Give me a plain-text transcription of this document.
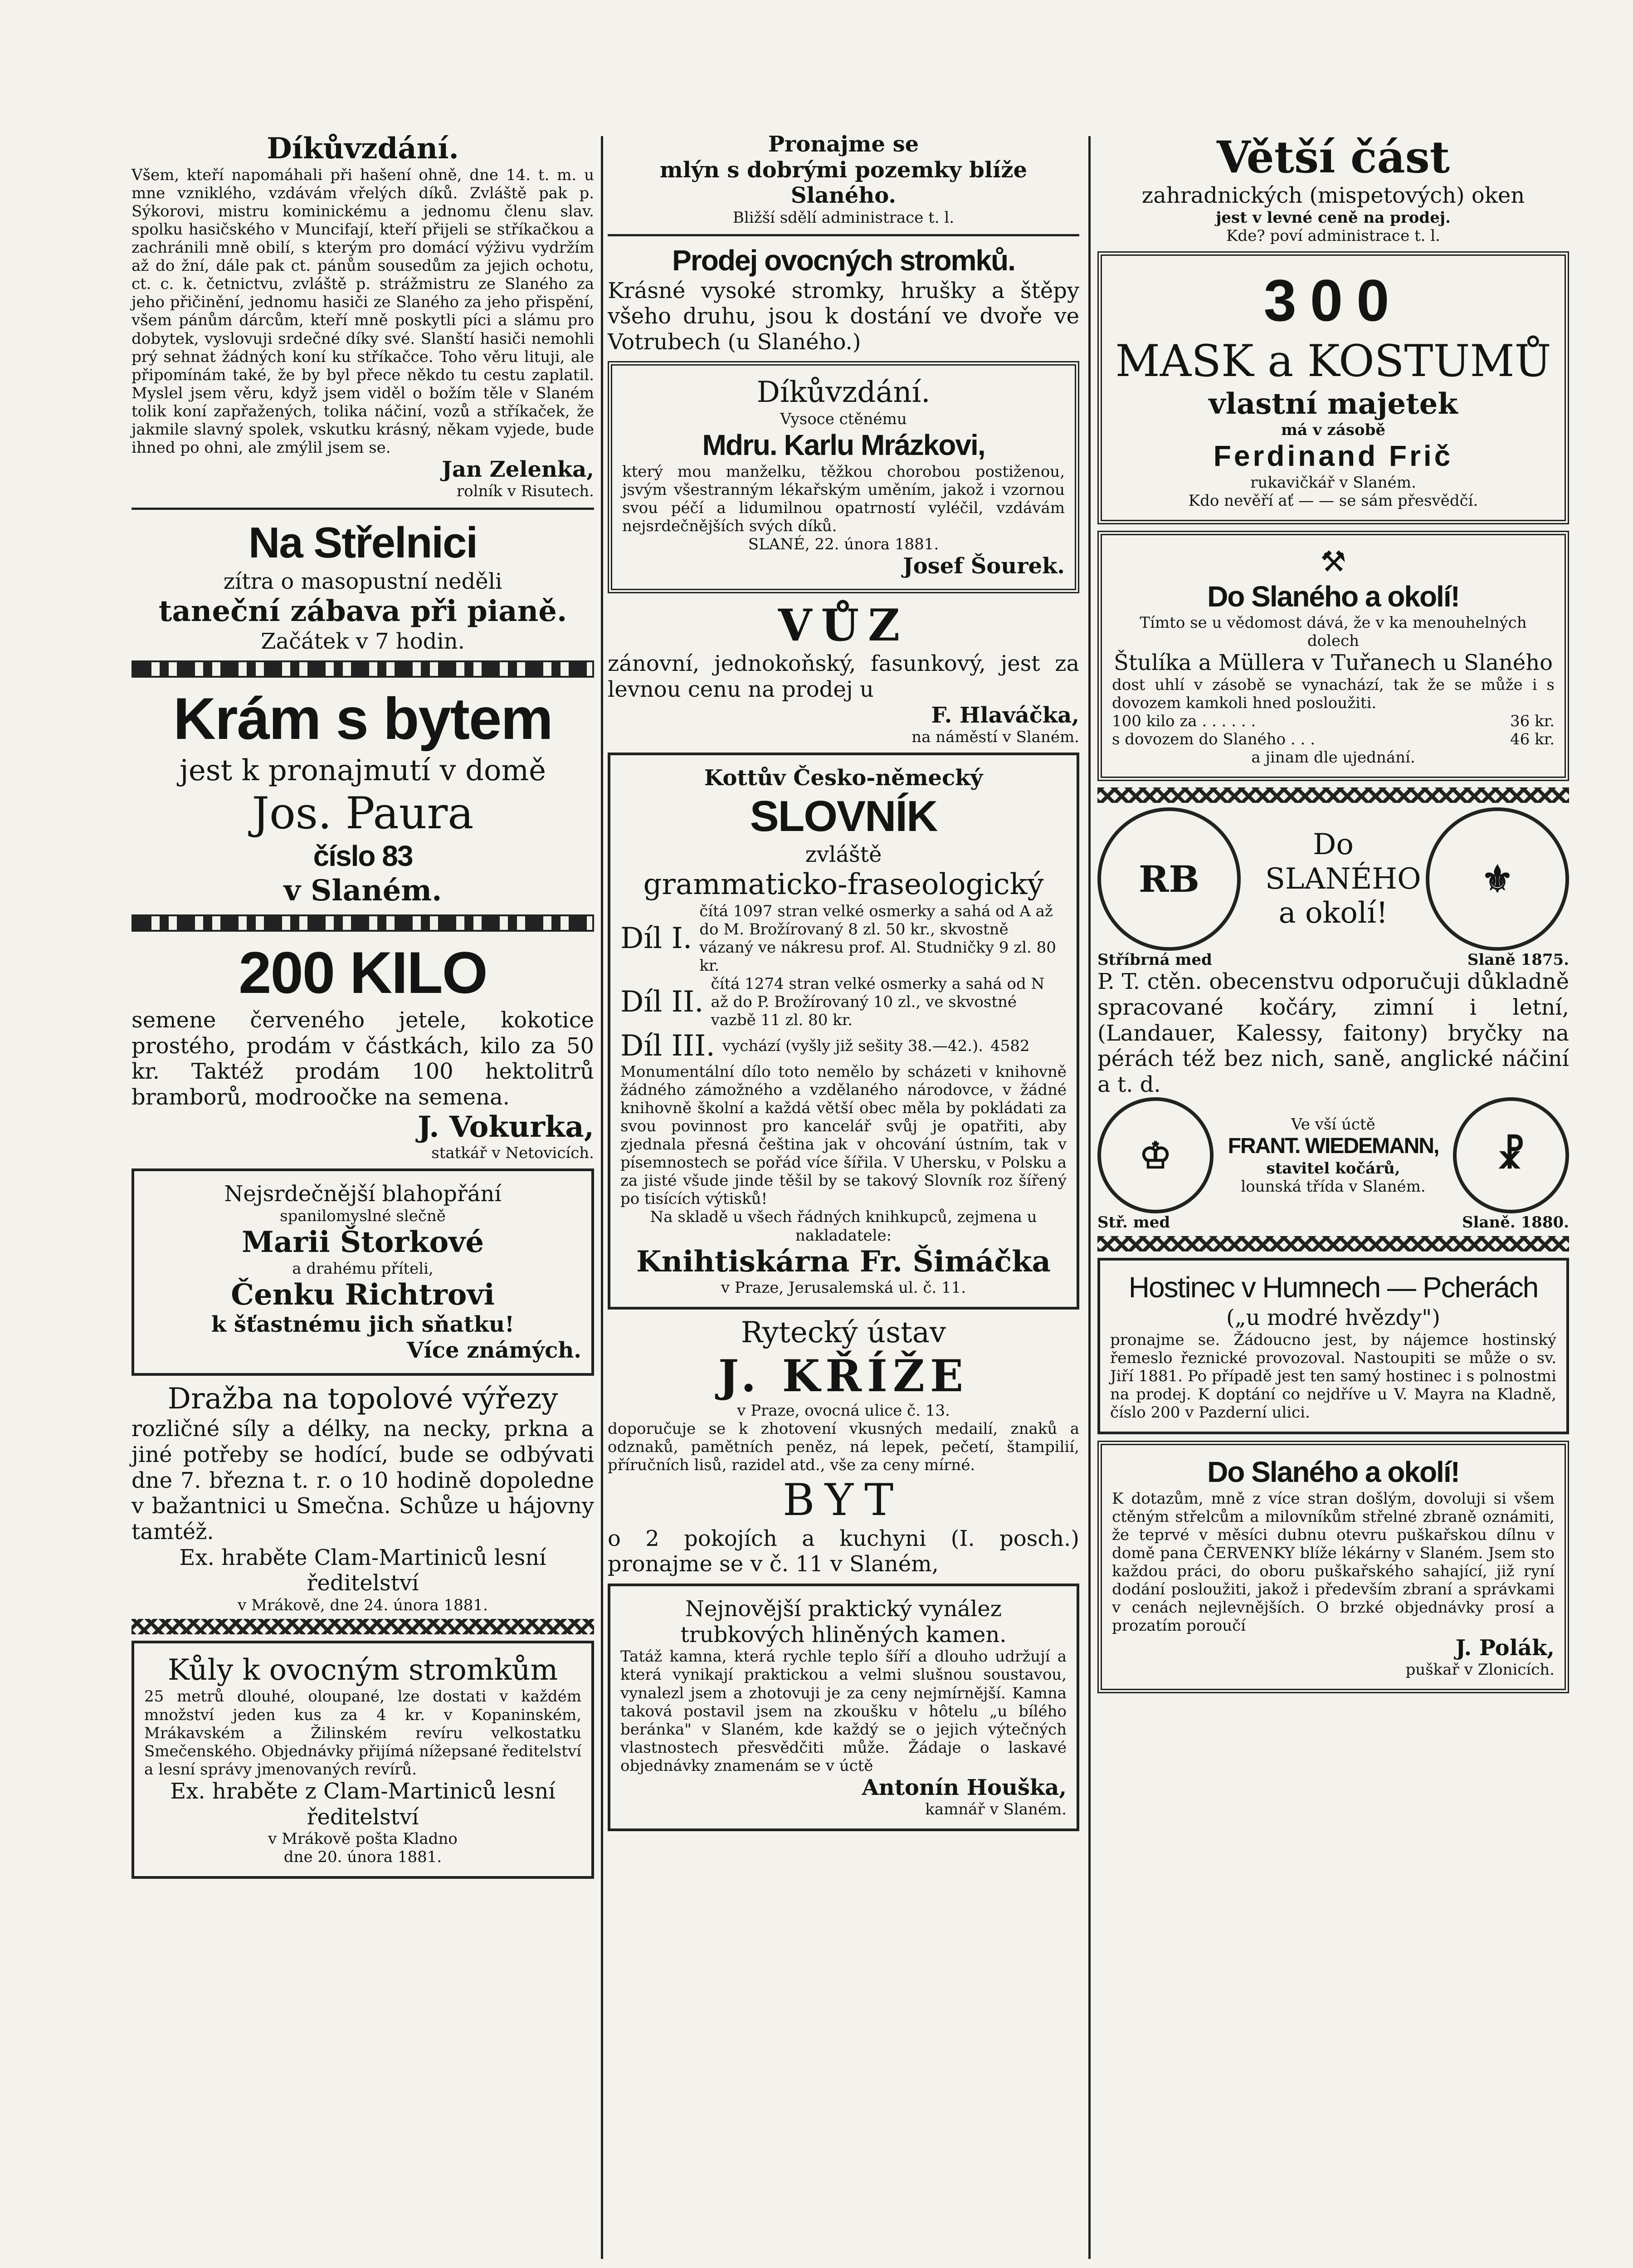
Díkůvzdání.

Všem, kteří napomáhali při hašení ohně, dne 14. t. m. u mne vzniklého, vzdávám vřelých díků. Zvláště pak p. Sýkorovi, mistru kominickému a jednomu členu slav. spolku hasičského v Muncifají, kteří přijeli se stříkačkou a zachránili mně obilí, s kterým pro domácí výživu vydržím až do žní, dále pak ct. pánům sousedům za jejich ochotu, ct. c. k. četnictvu, zvláště p. strážmistru ze Slaného za jeho přičinění, jednomu hasiči ze Slaného za jeho přispění, všem pánům dárcům, kteří mně poskytli píci a slámu pro dobytek, vyslovuji srdečné díky své. Slanští hasiči nemohli prý sehnat žádných koní ku stříkačce. Toho věru lituji, ale připomínám také, že by byl přece někdo tu cestu zaplatil. Myslel jsem věru, když jsem viděl o božím těle v Slaném tolik koní zapřažených, tolika náčiní, vozů a stříkaček, že jakmile slavný spolek, vskutku krásný, někam vyjede, bude ihned po ohni, ale zmýlil jsem se.

Jan Zelenka,

rolník v Risutech.

Na Střelnici

zítra o masopustní neděli

taneční zábava při pianě.

Začátek v 7 hodin.

Krám s bytem

jest k pronajmutí v domě

Jos. Paura

číslo 83

v Slaném.

200 KILO

semene červeného jetele, kokotice prostého, prodám v částkách, kilo za 50 kr. Taktéž prodám 100 hektolitrů bramborů, modroočke na semena.

J. Vokurka,

statkář v Netovicích.

Nejsrdečnější blahopřání

spanilomyslné slečně

Marii Štorkové

a drahému příteli,

Čenku Richtrovi

k šťastnému jich sňatku!

Více známých.

Dražba na topolové výřezy

rozličné síly a délky, na necky, prkna a jiné potřeby se hodící, bude se odbývati dne 7. března t. r. o 10 hodině dopoledne v bažantnici u Smečna. Schůze u hájovny tamtéž.

Ex. hraběte Clam-Martiniců lesní ředitelství

v Mrákově, dne 24. února 1881.

Kůly k ovocným stromkům

25 metrů dlouhé, oloupané, lze dostati v každém množství jeden kus za 4 kr. v Kopaninském, Mrákavském a Žilinském revíru velkostatku Smečenského. Objednávky přijímá nížepsané ředitelství a lesní správy jmenovaných revírů.

Ex. hraběte z Clam-Martiniců lesní ředitelství

v Mrákově pošta Kladno

dne 20. února 1881.

Pronajme se

mlýn s dobrými pozemky blíže Slaného.

Bližší sdělí administrace t. l.

Prodej ovocných stromků.

Krásné vysoké stromky, hrušky a štěpy všeho druhu, jsou k dostání ve dvoře ve Votrubech (u Slaného.)

Díkůvzdání.

Vysoce ctěnému

Mdru. Karlu Mrázkovi,

který mou manželku, těžkou chorobou postiženou, jsvým všestranným lékařským uměním, jakož i vzornou svou péčí a lidumilnou opatrností vyléčil, vzdávám nejsrdečnějších svých díků.

SLANÉ, 22. února 1881.

Josef Šourek.

VŮZ

zánovní, jednokoňský, fasunkový, jest za levnou cenu na prodej u

F. Hlaváčka,

na náměstí v Slaném.

Kottův Česko-německý

SLOVNÍK

zvláště

grammaticko-fraseologický

Díl I.
čítá 1097 stran velké osmerky a sahá od A až do M. Brožírovaný 8 zl. 50 kr., skvostně vázaný ve nákresu prof. Al. Studničky 9 zl. 80 kr.
Díl II.
čítá 1274 stran velké osmerky a sahá od N až do P. Brožírovaný 10 zl., ve skvostné vazbě 11 zl. 80 kr.
Díl III. vychází (vyšly již sešity 38.—42.). 4582

Monumentální dílo toto nemělo by scházeti v knihovně žádného zámožného a vzdělaného národovce, v žádné knihovně školní a každá větší obec měla by pokládati za svou povinnost pro kancelář svůj je opatřiti, aby zjednala přesná čeština jak v ohcování ústním, tak v písemnostech se pořád více šířila. V Uhersku, v Polsku a za jisté všude jinde těšil by se takový Slovník roz šířený po tisících výtisků!

Na skladě u všech řádných knihkupců, zejmena u nakladatele:

Knihtiskárna Fr. Šimáčka

v Praze, Jerusalemská ul. č. 11.

Rytecký ústav

J. KŘÍŽE

v Praze, ovocná ulice č. 13.

doporučuje se k zhotovení vkusných medailí, znaků a odznaků, pamětních peněz, ná lepek, pečetí, štampilií, příručních lisů, razidel atd., vše za ceny mírné.

BYT

o 2 pokojích a kuchyni (I. posch.) pronajme se v č. 11 v Slaném,

Nejnovější praktický vynález trubkových hliněných kamen.

Tatáž kamna, která rychle teplo šíří a dlouho udržují a která vynikají praktickou a velmi slušnou soustavou, vynalezl jsem a zhotovuji je za ceny nejmírnější. Kamna taková postavil jsem na zkoušku v hôtelu „u bílého beránka" v Slaném, kde každý se o jejich výtečných vlastnostech přesvědčiti může. Žádaje o laskavé objednávky znamenám se v úctě

Antonín Houška,

kamnář v Slaném.

Větší část

zahradnických (mispetových) oken

jest v levné ceně na prodej.

Kde? poví administrace t. l.

300

MASK a KOSTUMŮ

vlastní majetek

má v zásobě

Ferdinand Frič

rukavičkář v Slaném.

Kdo nevěří ať — — se sám přesvědčí.

⚒

Do Slaného a okolí!

Tímto se u vědomost dává, že v ka menouhelných dolech

Štulíka a Müllera v Tuřanech u Slaného

dost uhlí v zásobě se vynachází, tak že se může i s dovozem kamkoli hned posloužiti.

100 kilo za . . . . . .	36 kr.
s dovozem do Slaného . . .	46 kr.

a jinam dle ujednání.

RB

Do SLANÉHO a okolí!

⚜
Stříbrná med	Slaně 1875.

P. T. ctěn. obecenstvu odporučuji důkladně spracované kočáry, zimní i letní, (Landauer, Kalessy, faitony) bryčky na pérách též bez nich, saně, anglické náčiní a t. d.

♔

Ve vší úctě

FRANT. WIEDEMANN,

stavitel kočárů,

lounská třída v Slaném.

☧
Stř. med	Slaně. 1880.

Hostinec v Humnech — Pcherách

(„u modré hvězdy")

pronajme se. Žádoucno jest, by nájemce hostinský řemeslo řeznické provozoval. Nastoupiti se může o sv. Jiří 1881. Po případě jest ten samý hostinec i s polnostmi na prodej. K doptání co nejdříve u V. Mayra na Kladně, číslo 200 v Pazderní ulici.

Do Slaného a okolí!

K dotazům, mně z více stran došlým, dovoluji si všem ctěným střelcům a milovníkům střelné zbraně oznámiti, že teprvé v měsíci dubnu otevru puškařskou dílnu v domě pana ČERVENKY blíže lékárny v Slaném. Jsem sto každou práci, do oboru puškařského sahající, již ryní dodání posloužiti, jakož i především zbraní a správkami v cenách nejlevnějších. O brzké objednávky prosí a prozatím poroučí

J. Polák,

puškař v Zlonicích.
